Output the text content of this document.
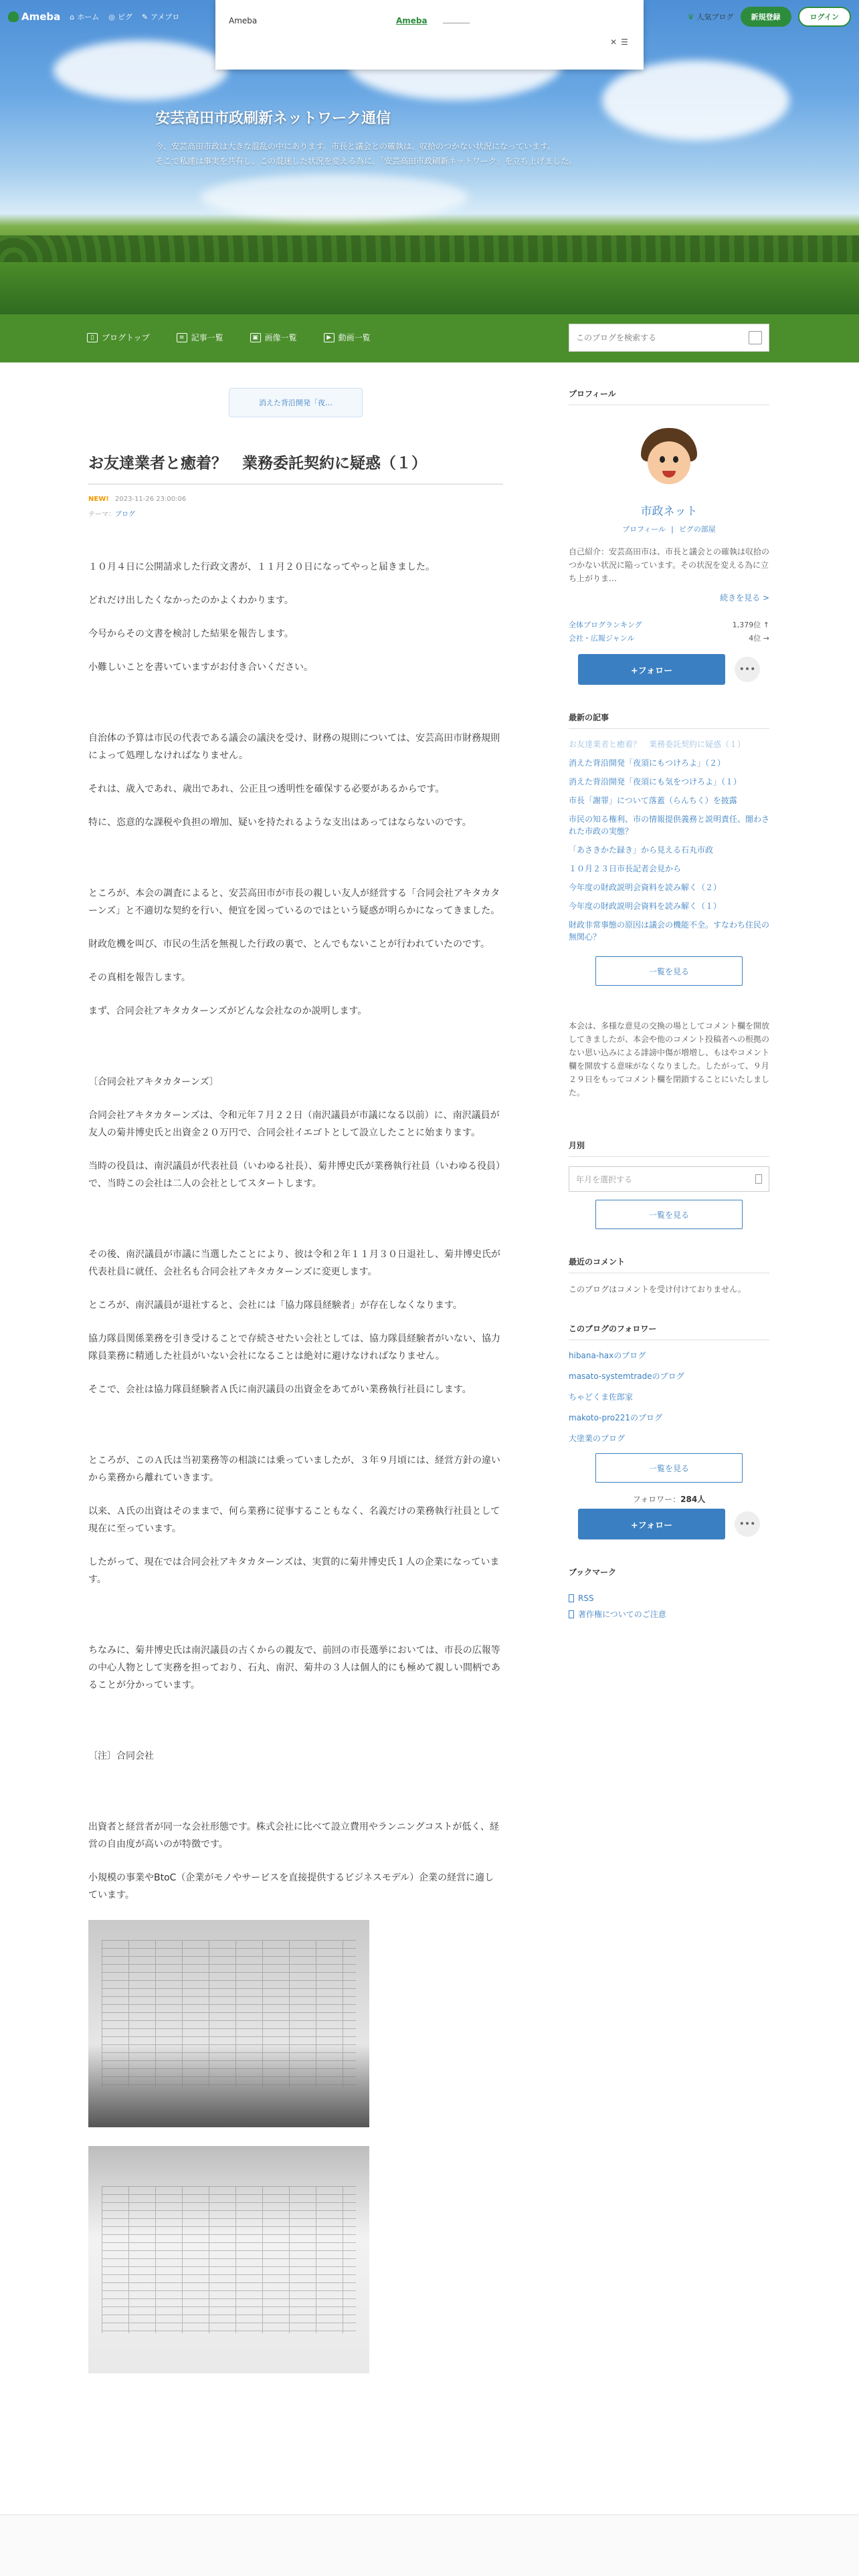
安芸高田市政刷新ネットワーク通信
今、安芸高田市政は大きな混乱の中にあります。市長と議会との確執は、収拾のつかない状況になっています。
そこで私達は事実を共有し、この混迷した状況を変える為に、「安芸高田市政刷新ネットワーク」を立ち上げました。
Ameba ⌂ ホーム ◎ ピグ ✎ アメブロ	♛ 人気ブログ	新規登録	ログイン
Ameba	Ameba
✕ ☰
▯ ブログトップ	≡ 記事一覧	▣ 画像一覧	▶ 動画一覧
このブログを検索する
消えた背沿開発「夜…
お友達業者と癒着？　業務委託契約に疑惑（１）
NEW! 2023-11-26 23:00:06
テーマ：ブログ

１０月４日に公開請求した行政文書が、１１月２０日になってやっと届きました。

どれだけ出したくなかったのかよくわかります。

今号からその文書を検討した結果を報告します。

小難しいことを書いていますがお付き合いください。

自治体の予算は市民の代表である議会の議決を受け、財務の規則については、安芸高田市財務規則によって処理しなければなりません。

それは、歳入であれ、歳出であれ、公正且つ透明性を確保する必要があるからです。

特に、恣意的な課税や負担の増加、疑いを持たれるような支出はあってはならないのです。

ところが、本会の調査によると、安芸高田市が市長の親しい友人が経営する「合同会社アキタカターンズ」と不適切な契約を行い、便宜を図っているのではという疑惑が明らかになってきました。

財政危機を叫び、市民の生活を無視した行政の裏で、とんでもないことが行われていたのです。

その真相を報告します。

まず、合同会社アキタカターンズがどんな会社なのか説明します。

〔合同会社アキタカターンズ〕

合同会社アキタカターンズは、令和元年７月２２日（南沢議員が市議になる以前）に、南沢議員が友人の菊井博史氏と出資金２０万円で、合同会社イエゴトとして設立したことに始まります。

当時の役員は、南沢議員が代表社員（いわゆる社長）、菊井博史氏が業務執行社員（いわゆる役員）で、当時この会社は二人の会社としてスタートします。

その後、南沢議員が市議に当選したことにより、彼は令和２年１１月３０日退社し、菊井博史氏が代表社員に就任、会社名も合同会社アキタカターンズに変更します。

ところが、南沢議員が退社すると、会社には「協力隊員経験者」が存在しなくなります。

協力隊員関係業務を引き受けることで存続させたい会社としては、協力隊員経験者がいない、協力隊員業務に精通した社員がいない会社になることは絶対に避けなければなりません。

そこで、会社は協力隊員経験者Ａ氏に南沢議員の出資金をあてがい業務執行社員にします。

ところが、このＡ氏は当初業務等の相談には乗っていましたが、３年９月頃には、経営方針の違いから業務から離れていきます。

以来、Ａ氏の出資はそのままで、何ら業務に従事することもなく、名義だけの業務執行社員として現在に至っています。

したがって、現在では合同会社アキタカターンズは、実質的に菊井博史氏１人の企業になっています。

ちなみに、菊井博史氏は南沢議員の古くからの親友で、前回の市長選挙においては、市長の広報等の中心人物として実務を担っており、石丸、南沢、菊井の３人は個人的にも極めて親しい間柄であることが分かっています。

〔注〕合同会社

出資者と経営者が同一な会社形態です。株式会社に比べて設立費用やランニングコストが低く、経営の自由度が高いのが特徴です。

小規模の事業やBtoC（企業がモノやサービスを直接提供するビジネスモデル）企業の経営に適しています。

プロフィール
市政ネット
プロフィール | ピグの部屋
自己紹介：安芸高田市は、市長と議会との確執は収拾のつかない状況に陥っています。その状況を変える為に立ち上がりま…
続きを見る >
全体ブログランキング	1,379位 ↑
会社・広報ジャンル	4位 →
+フォロー	•••
最新の記事
お友達業者と癒着？　業務委託契約に疑惑（１）
消えた背沿開発「夜須にもつけろよ」（２）
消えた背沿開発「夜須にも気をつけろよ」（１）
市長「謝罪」について落蓋（らんちく）を披露
市民の知る権利、市の情報提供義務と説明責任、闇わされた市政の実態？
「あさきかた録き」から見える石丸市政
１０月２３日市長記者会見から
今年度の財政説明会資料を読み解く（２）
今年度の財政説明会資料を読み解く（１）
財政非常事態の原因は議会の機能不全。すなわち住民の無関心？
一覧を見る
本会は、多様な意見の交換の場としてコメント欄を開放してきましたが、本会や他のコメント投稿者への根拠のない思い込みによる誹謗中傷が増増し、もはやコメント欄を開放する意味がなくなりました。したがって、９月２９日をもってコメント欄を閉鎖することにいたしました。
月別
年月を選択する
一覧を見る
最近のコメント
このブログはコメントを受け付けておりません。
このブログのフォロワー
hibana-haxのブログ
masato-systemtradeのブログ
ちゃどくま佐郎家
makoto-pro221のブログ
大塗業のブログ
一覧を見る
フォロワー：284人
+フォロー	•••
ブックマーク
RSS
著作権についてのご注意
